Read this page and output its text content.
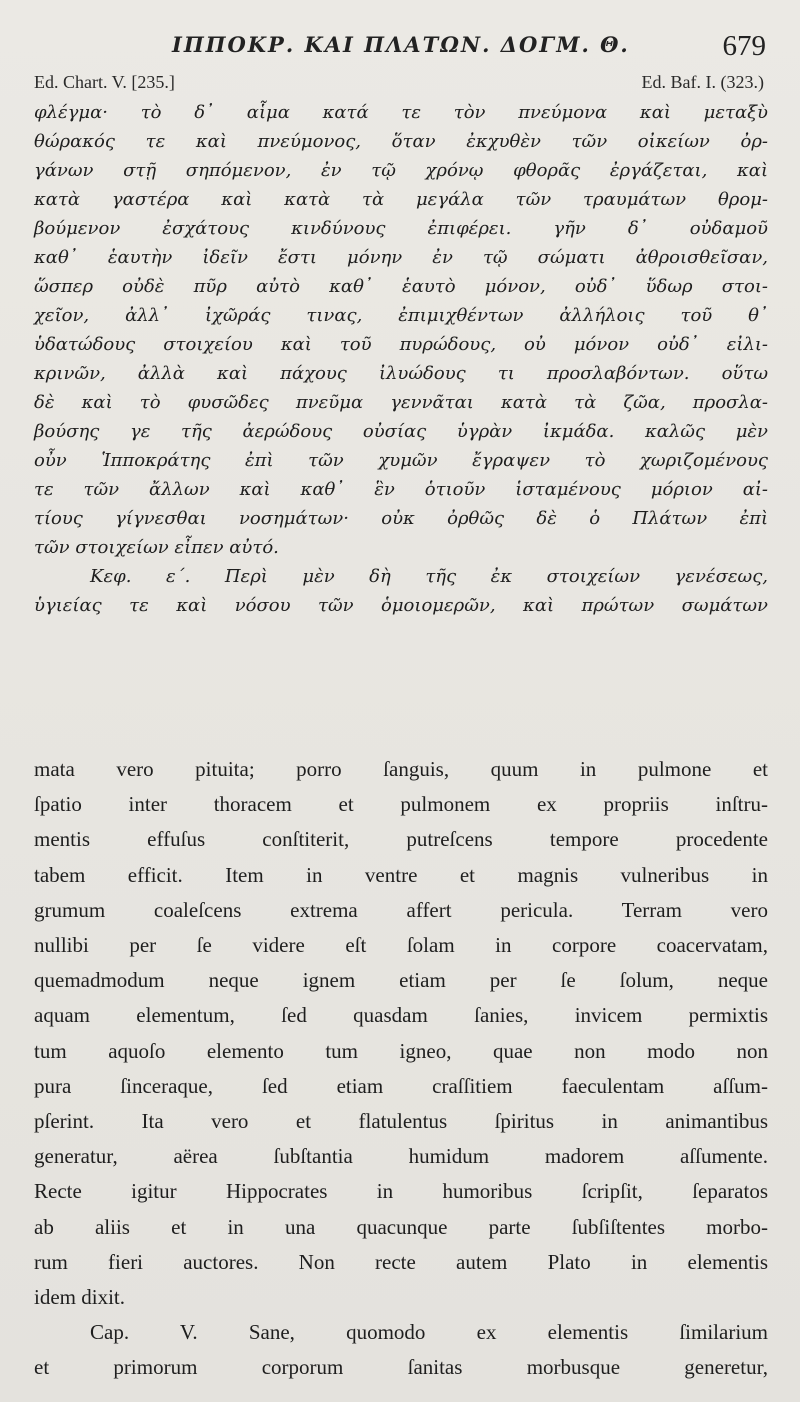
ΙΠΠΟΚΡ. ΚΑΙ ΠΛΑΤΩΝ. ΔΟΓΜ. Θ.	679
Ed. Chart. V. [235.]	Ed. Baf. I. (323.)
φλέγμα· τὸ δ᾽ αἷμα κατά τε τὸν πνεύμονα καὶ μεταξὺ
θώρακός τε καὶ πνεύμονος, ὅταν ἐκχυθὲν τῶν οἰκείων ὀρ-
γάνων στῇ σηπόμενον, ἐν τῷ χρόνῳ φθορᾶς ἐργάζεται, καὶ
κατὰ γαστέρα καὶ κατὰ τὰ μεγάλα τῶν τραυμάτων θρομ-
βούμενον ἐσχάτους κινδύνους ἐπιφέρει. γῆν δ᾽ οὐδαμοῦ
καθ᾽ ἑαυτὴν ἰδεῖν ἔστι μόνην ἐν τῷ σώματι ἀθροισθεῖσαν,
ὥσπερ οὐδὲ πῦρ αὐτὸ καθ᾽ ἑαυτὸ μόνον, οὐδ᾽ ὕδωρ στοι-
χεῖον, ἀλλ᾽ ἰχῶράς τινας, ἐπιμιχθέντων ἀλλήλοις τοῦ θ᾽
ὑδατώδους στοιχείου καὶ τοῦ πυρώδους, οὐ μόνον οὐδ᾽ εἰλι-
κρινῶν, ἀλλὰ καὶ πάχους ἰλυώδους τι προσλαβόντων. οὕτω
δὲ καὶ τὸ φυσῶδες πνεῦμα γεννᾶται κατὰ τὰ ζῶα, προσλα-
βούσης γε τῆς ἀερώδους οὐσίας ὑγρὰν ἰκμάδα. καλῶς μὲν
οὖν Ἱπποκράτης ἐπὶ τῶν χυμῶν ἔγραψεν τὸ χωριζομένους
τε τῶν ἄλλων καὶ καθ᾽ ἓν ὁτιοῦν ἱσταμένους μόριον αἰ-
τίους γίγνεσθαι νοσημάτων· οὐκ ὀρθῶς δὲ ὁ Πλάτων ἐπὶ
τῶν στοιχείων εἶπεν αὐτό.
Κεφ. ε΄. Περὶ μὲν δὴ τῆς ἐκ στοιχείων γενέσεως,
ὑγιείας τε καὶ νόσου τῶν ὁμοιομερῶν, καὶ πρώτων σωμάτων
mata vero pituita; porro ſanguis, quum in pulmone et
ſpatio inter thoracem et pulmonem ex propriis inſtru-
mentis effuſus conſtiterit, putreſcens tempore procedente
tabem efficit. Item in ventre et magnis vulneribus in
grumum coaleſcens extrema affert pericula. Terram vero
nullibi per ſe videre eſt ſolam in corpore coacervatam,
quemadmodum neque ignem etiam per ſe ſolum, neque
aquam elementum, ſed quasdam ſanies, invicem permixtis
tum aquoſo elemento tum igneo, quae non modo non
pura ſinceraque, ſed etiam craſſitiem faeculentam aſſum-
pſerint. Ita vero et flatulentus ſpiritus in animantibus
generatur, aërea ſubſtantia humidum madorem aſſumente.
Recte igitur Hippocrates in humoribus ſcripſit, ſeparatos
ab aliis et in una quacunque parte ſubſiſtentes morbo-
rum fieri auctores. Non recte autem Plato in elementis
idem dixit.
Cap. V. Sane, quomodo ex elementis ſimilarium
et primorum corporum ſanitas morbusque generetur,
